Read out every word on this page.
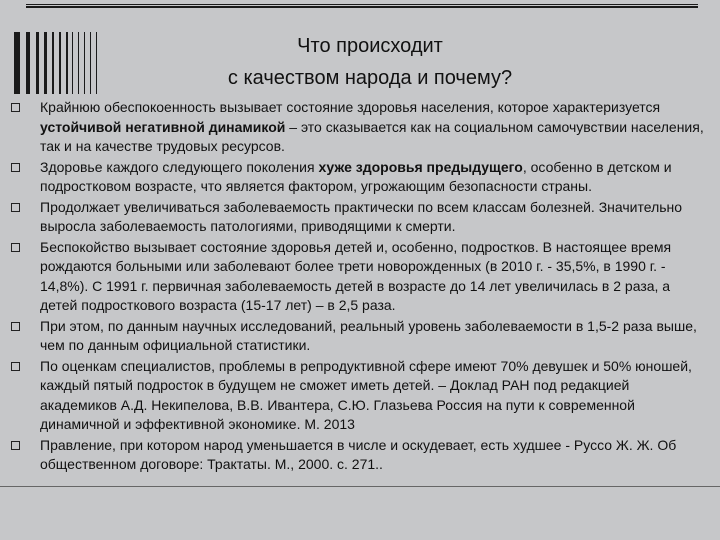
Что происходит
с качеством народа и почему?
Крайнюю обеспокоенность вызывает состояние здоровья населения, которое характеризуется устойчивой негативной динамикой – это сказывается как на социальном самочувствии населения, так и на качестве трудовых ресурсов.
Здоровье каждого следующего поколения хуже здоровья предыдущего, особенно в детском и подростковом возрасте, что является фактором, угрожающим безопасности страны.
Продолжает увеличиваться заболеваемость практически по всем классам болезней. Значительно выросла заболеваемость патологиями, приводящими к смерти.
Беспокойство вызывает состояние здоровья детей и, особенно, подростков. В настоящее время рождаются больными или заболевают более трети новорожденных (в 2010 г. - 35,5%, в 1990 г. - 14,8%). С 1991 г. первичная заболеваемость детей в возрасте до 14 лет увеличилась в 2 раза, а детей подросткового возраста (15-17 лет) – в 2,5 раза.
При этом, по данным научных исследований, реальный уровень заболеваемости в 1,5-2 раза выше, чем по данным официальной статистики.
По оценкам специалистов, проблемы в репродуктивной сфере имеют 70% девушек и 50% юношей, каждый пятый подросток в будущем не сможет иметь детей. – Доклад РАН под редакцией академиков А.Д. Некипелова, В.В. Ивантера, С.Ю. Глазьева Россия на пути к современной динамичной и эффективной экономике. М. 2013
Правление, при котором народ уменьшается в числе и оскудевает, есть худшее - Руссо Ж. Ж. Об общественном договоре: Трактаты. М., 2000. с. 271..
